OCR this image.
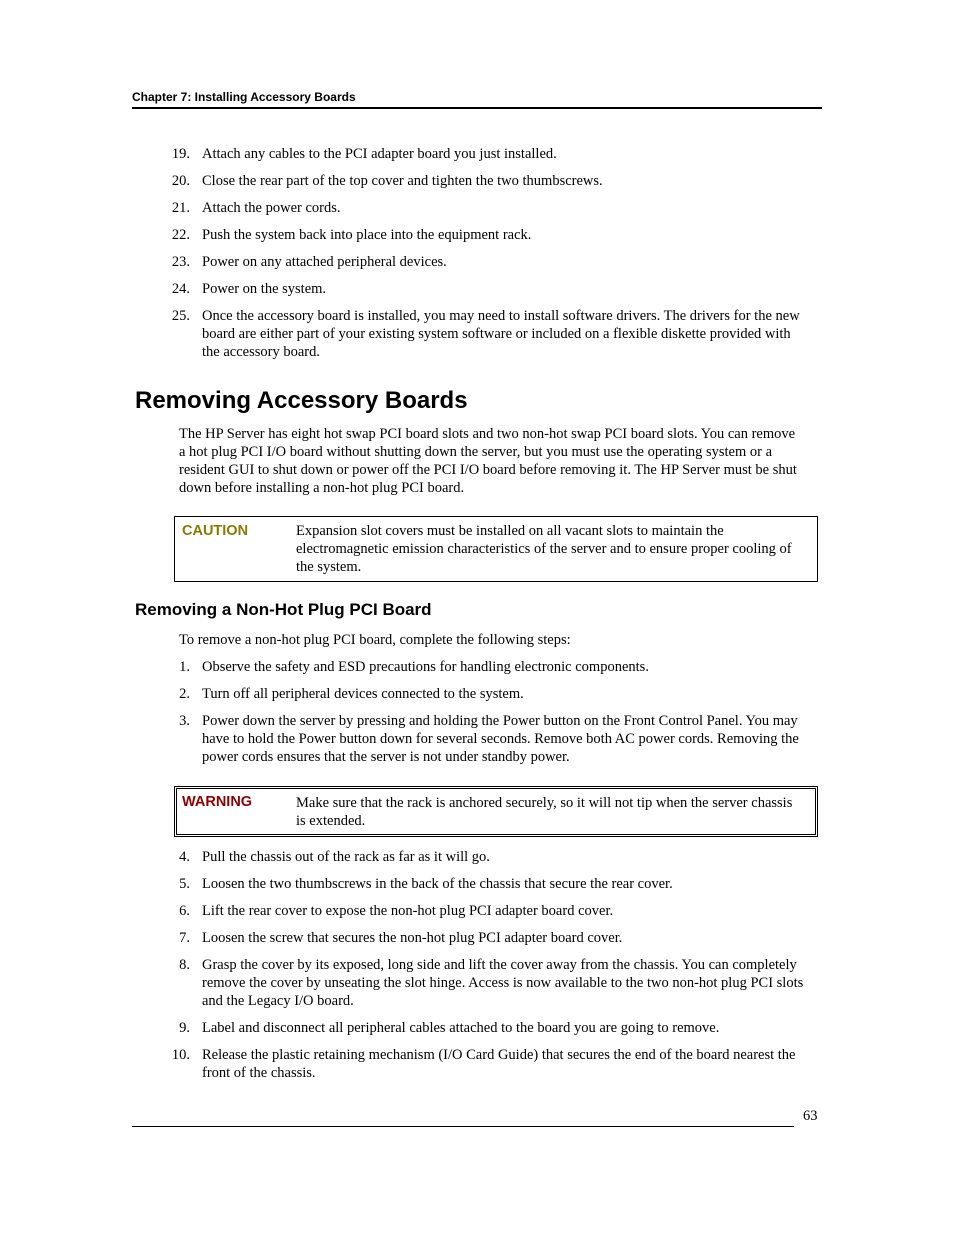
Chapter 7: Installing Accessory Boards
19. Attach any cables to the PCI adapter board you just installed.
20. Close the rear part of the top cover and tighten the two thumbscrews.
21. Attach the power cords.
22. Push the system back into place into the equipment rack.
23. Power on any attached peripheral devices.
24. Power on the system.
25. Once the accessory board is installed, you may need to install software drivers. The drivers for the new board are either part of your existing system software or included on a flexible diskette provided with the accessory board.
Removing Accessory Boards

The HP Server has eight hot swap PCI board slots and two non-hot swap PCI board slots. You can remove a hot plug PCI I/O board without shutting down the server, but you must use the operating system or a resident GUI to shut down or power off the PCI I/O board before removing it. The HP Server must be shut down before installing a non-hot plug PCI board.

CAUTION	Expansion slot covers must be installed on all vacant slots to maintain the electromagnetic emission characteristics of the server and to ensure proper cooling of the system.
Removing a Non-Hot Plug PCI Board

To remove a non-hot plug PCI board, complete the following steps:

1. Observe the safety and ESD precautions for handling electronic components.
2. Turn off all peripheral devices connected to the system.
3. Power down the server by pressing and holding the Power button on the Front Control Panel. You may have to hold the Power button down for several seconds. Remove both AC power cords. Removing the power cords ensures that the server is not under standby power.
WARNING	Make sure that the rack is anchored securely, so it will not tip when the server chassis is extended.
4. Pull the chassis out of the rack as far as it will go.
5. Loosen the two thumbscrews in the back of the chassis that secure the rear cover.
6. Lift the rear cover to expose the non-hot plug PCI adapter board cover.
7. Loosen the screw that secures the non-hot plug PCI adapter board cover.
8. Grasp the cover by its exposed, long side and lift the cover away from the chassis. You can completely remove the cover by unseating the slot hinge. Access is now available to the two non-hot plug PCI slots and the Legacy I/O board.
9. Label and disconnect all peripheral cables attached to the board you are going to remove.
10. Release the plastic retaining mechanism (I/O Card Guide) that secures the end of the board nearest the front of the chassis.
63
